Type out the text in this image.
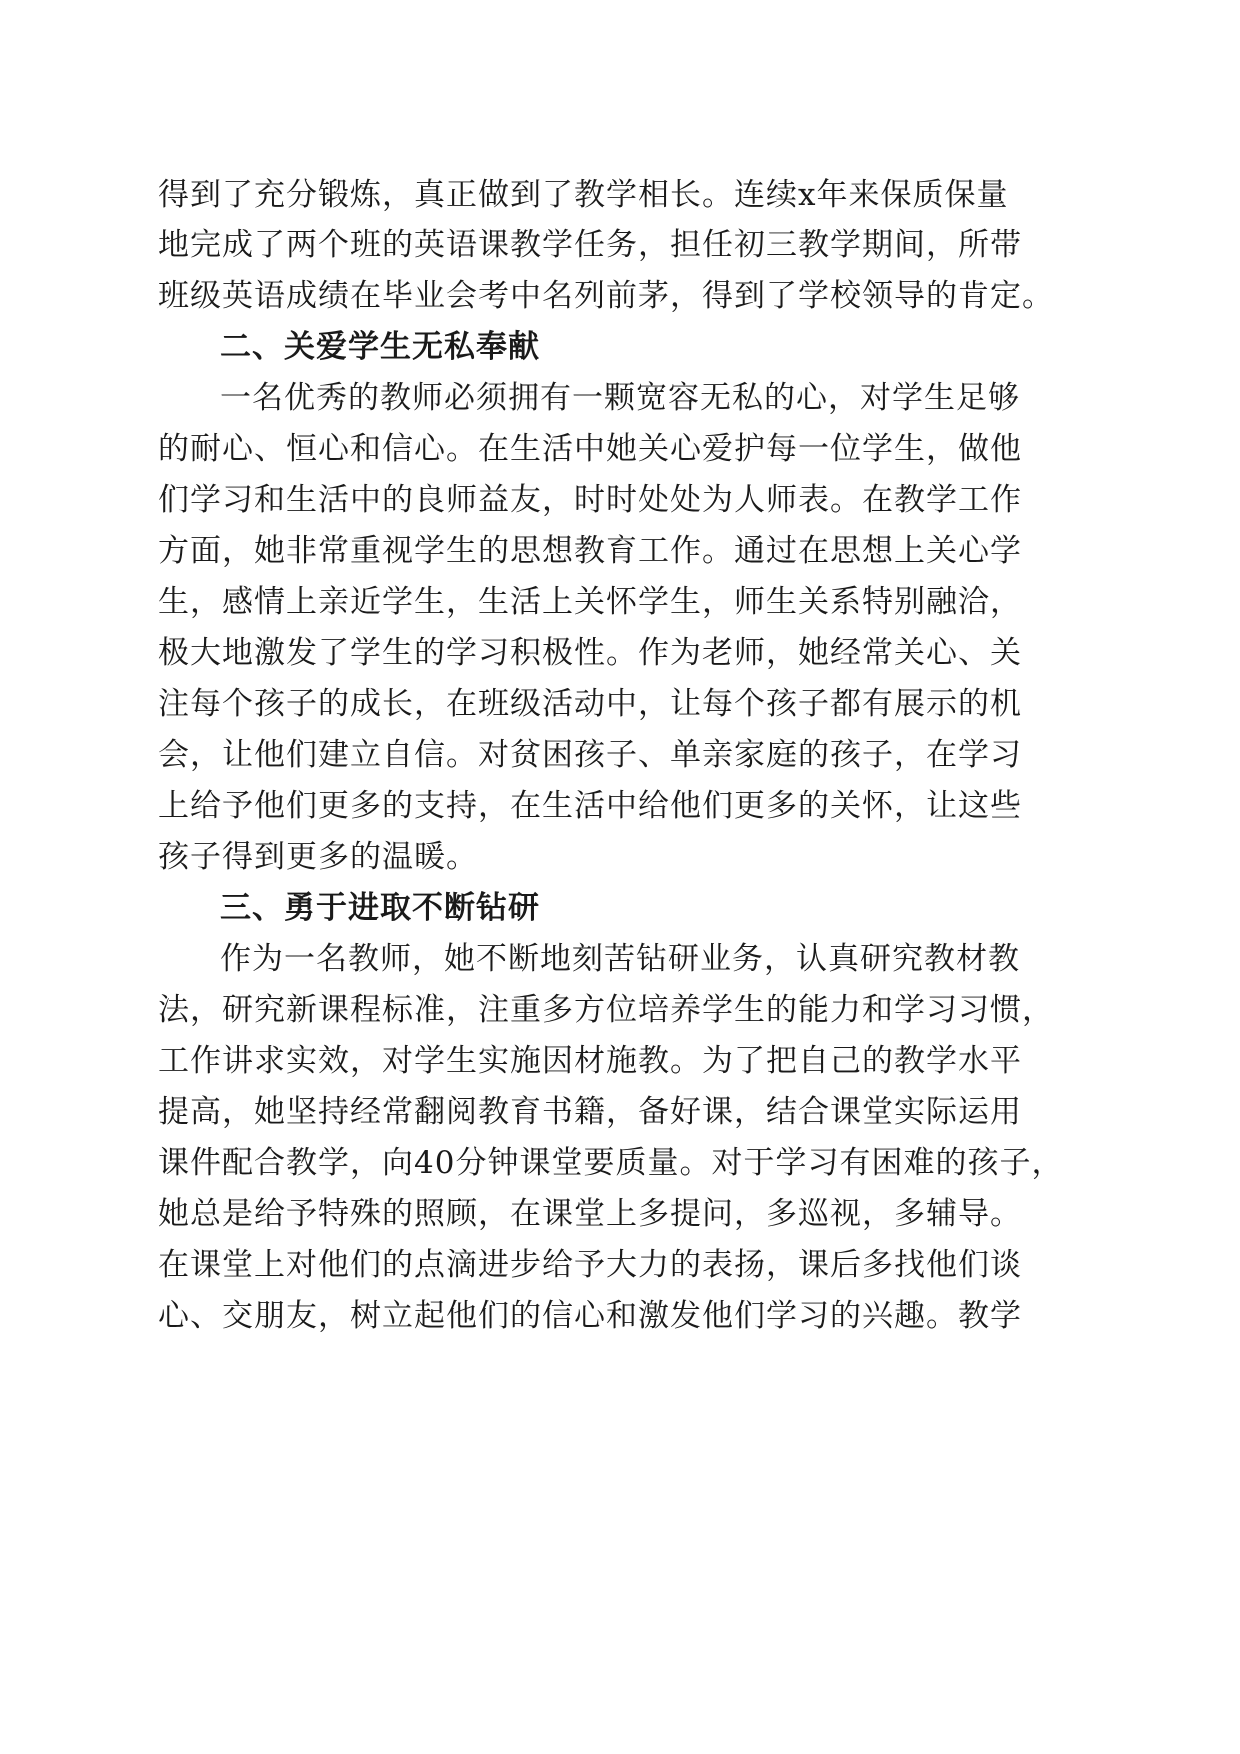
得到了充分锻炼，真正做到了教学相长。连续x年来保质保量
地完成了两个班的英语课教学任务，担任初三教学期间，所带
班级英语成绩在毕业会考中名列前茅，得到了学校领导的肯定。
二、关爱学生无私奉献
一名优秀的教师必须拥有一颗宽容无私的心，对学生足够
的耐心、恒心和信心。在生活中她关心爱护每一位学生，做他
们学习和生活中的良师益友，时时处处为人师表。在教学工作
方面，她非常重视学生的思想教育工作。通过在思想上关心学
生，感情上亲近学生，生活上关怀学生，师生关系特别融洽，
极大地激发了学生的学习积极性。作为老师，她经常关心、关
注每个孩子的成长，在班级活动中，让每个孩子都有展示的机
会，让他们建立自信。对贫困孩子、单亲家庭的孩子，在学习
上给予他们更多的支持，在生活中给他们更多的关怀，让这些
孩子得到更多的温暖。
三、勇于进取不断钻研
作为一名教师，她不断地刻苦钻研业务，认真研究教材教
法，研究新课程标准，注重多方位培养学生的能力和学习习惯，
工作讲求实效，对学生实施因材施教。为了把自己的教学水平
提高，她坚持经常翻阅教育书籍，备好课，结合课堂实际运用
课件配合教学，向40分钟课堂要质量。对于学习有困难的孩子，
她总是给予特殊的照顾，在课堂上多提问，多巡视，多辅导。
在课堂上对他们的点滴进步给予大力的表扬，课后多找他们谈
心、交朋友，树立起他们的信心和激发他们学习的兴趣。教学
